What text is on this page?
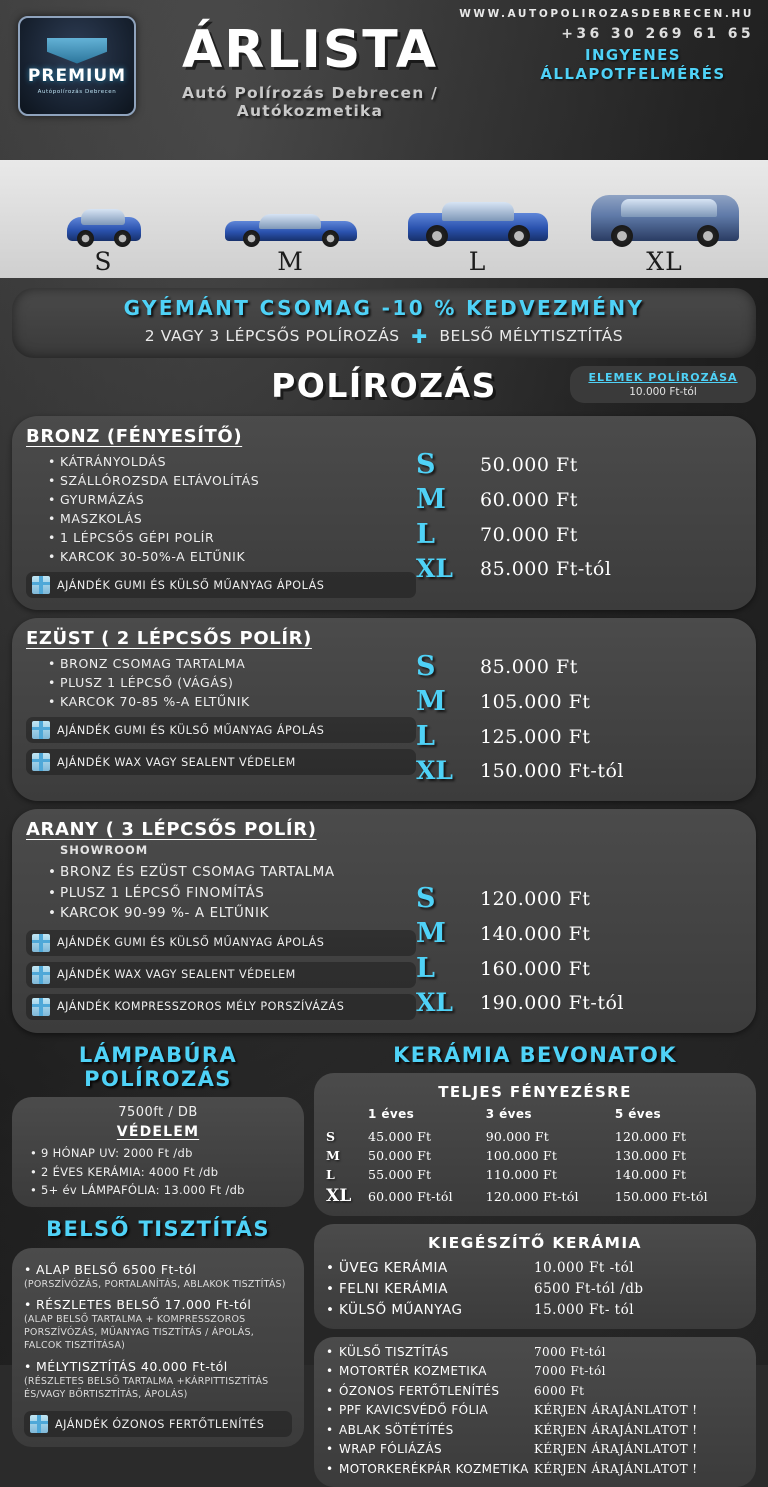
WWW.AUTOPOLIROZASDEBRECEN.HU
+36 30 269 61 65
PREMIUM
Autópolírozás Debrecen
ÁRLISTA
Autó Polírozás Debrecen / Autókozmetika
INGYENES
ÁLLAPOTFELMÉRÉS
S	M	L	XL
GYÉMÁNT CSOMAG -10 % KEDVEZMÉNY
2 VAGY 3 LÉPCSŐS POLÍROZÁS ✚ BELSŐ MÉLYTISZTÍTÁS
POLÍROZÁS	ELEMEK POLÍROZÁSA
10.000 Ft-tól
BRONZ (FÉNYESÍTŐ)
• KÁTRÁNYOLDÁS
• SZÁLLÓROZSDA ELTÁVOLÍTÁS
• GYURMÁZÁS
• MASZKOLÁS
• 1 LÉPCSŐS GÉPI POLÍR
• KARCOK 30-50%-A ELTŰNIK
AJÁNDÉK GUMI ÉS KÜLSŐ MŰANYAG ÁPOLÁS
S	50.000 Ft
M	60.000 Ft
L	70.000 Ft
XL	85.000 Ft-tól
EZÜST ( 2 LÉPCSŐS POLÍR)
• BRONZ CSOMAG TARTALMA
• PLUSZ 1 LÉPCSŐ (VÁGÁS)
• KARCOK 70-85 %-A ELTŰNIK
AJÁNDÉK GUMI ÉS KÜLSŐ MŰANYAG ÁPOLÁS
AJÁNDÉK WAX VAGY SEALENT VÉDELEM
S	85.000 Ft
M	105.000 Ft
L	125.000 Ft
XL	150.000 Ft-tól
ARANY ( 3 LÉPCSŐS POLÍR)
SHOWROOM
• BRONZ ÉS EZÜST CSOMAG TARTALMA
• PLUSZ 1 LÉPCSŐ FINOMÍTÁS
• KARCOK 90-99 %- A ELTŰNIK
AJÁNDÉK GUMI ÉS KÜLSŐ MŰANYAG ÁPOLÁS
AJÁNDÉK WAX VAGY SEALENT VÉDELEM
AJÁNDÉK KOMPRESSZOROS MÉLY PORSZÍVÁZÁS
S	120.000 Ft
M	140.000 Ft
L	160.000 Ft
XL	190.000 Ft-tól
LÁMPABÚRA
POLÍROZÁS
7500ft / DB
VÉDELEM
• 9 HÓNAP UV: 2000 Ft /db
• 2 ÉVES KERÁMIA: 4000 Ft /db
• 5+ év LÁMPAFÓLIA: 13.000 Ft /db
BELSŐ TISZTÍTÁS
• ALAP BELSŐ 6500 Ft-tól
(PORSZÍVÓZÁS, PORTALANÍTÁS, ABLAKOK TISZTÍTÁS)
• RÉSZLETES BELSŐ 17.000 Ft-tól
(ALAP BELSŐ TARTALMA + KOMPRESSZOROS PORSZÍVÓZÁS, MŰANYAG TISZTÍTÁS / ÁPOLÁS, FALCOK TISZTÍTÁSA)
• MÉLYTISZTÍTÁS 40.000 Ft-tól
(RÉSZLETES BELSŐ TARTALMA +KÁRPITTISZTÍTÁS ÉS/VAGY BŐRTISZTÍTÁS, ÁPOLÁS)
AJÁNDÉK ÓZONOS FERTŐTLENÍTÉS
KERÁMIA BEVONATOK
TELJES FÉNYEZÉSRE
	1 éves	3 éves	5 éves
S	45.000 Ft	90.000 Ft	120.000 Ft
M	50.000 Ft	100.000 Ft	130.000 Ft
L	55.000 Ft	110.000 Ft	140.000 Ft
XL	60.000 Ft-tól	120.000 Ft-tól	150.000 Ft-tól
KIEGÉSZÍTŐ KERÁMIA
• ÜVEG KERÁMIA	10.000 Ft -tól
• FELNI KERÁMIA	6500 Ft-tól /db
• KÜLSŐ MŰANYAG	15.000 Ft- tól
• KÜLSŐ TISZTÍTÁS	7000 Ft-tól
• MOTORTÉR KOZMETIKA	7000 Ft-tól
• ÓZONOS FERTŐTLENÍTÉS	6000 Ft
• PPF KAVICSVÉDŐ FÓLIA	KÉRJEN ÁRAJÁNLATOT !
• ABLAK SÖTÉTÍTÉS	KÉRJEN ÁRAJÁNLATOT !
• WRAP FÓLIÁZÁS	KÉRJEN ÁRAJÁNLATOT !
• MOTORKERÉKPÁR KOZMETIKA KÉRJEN ÁRAJÁNLATOT !
